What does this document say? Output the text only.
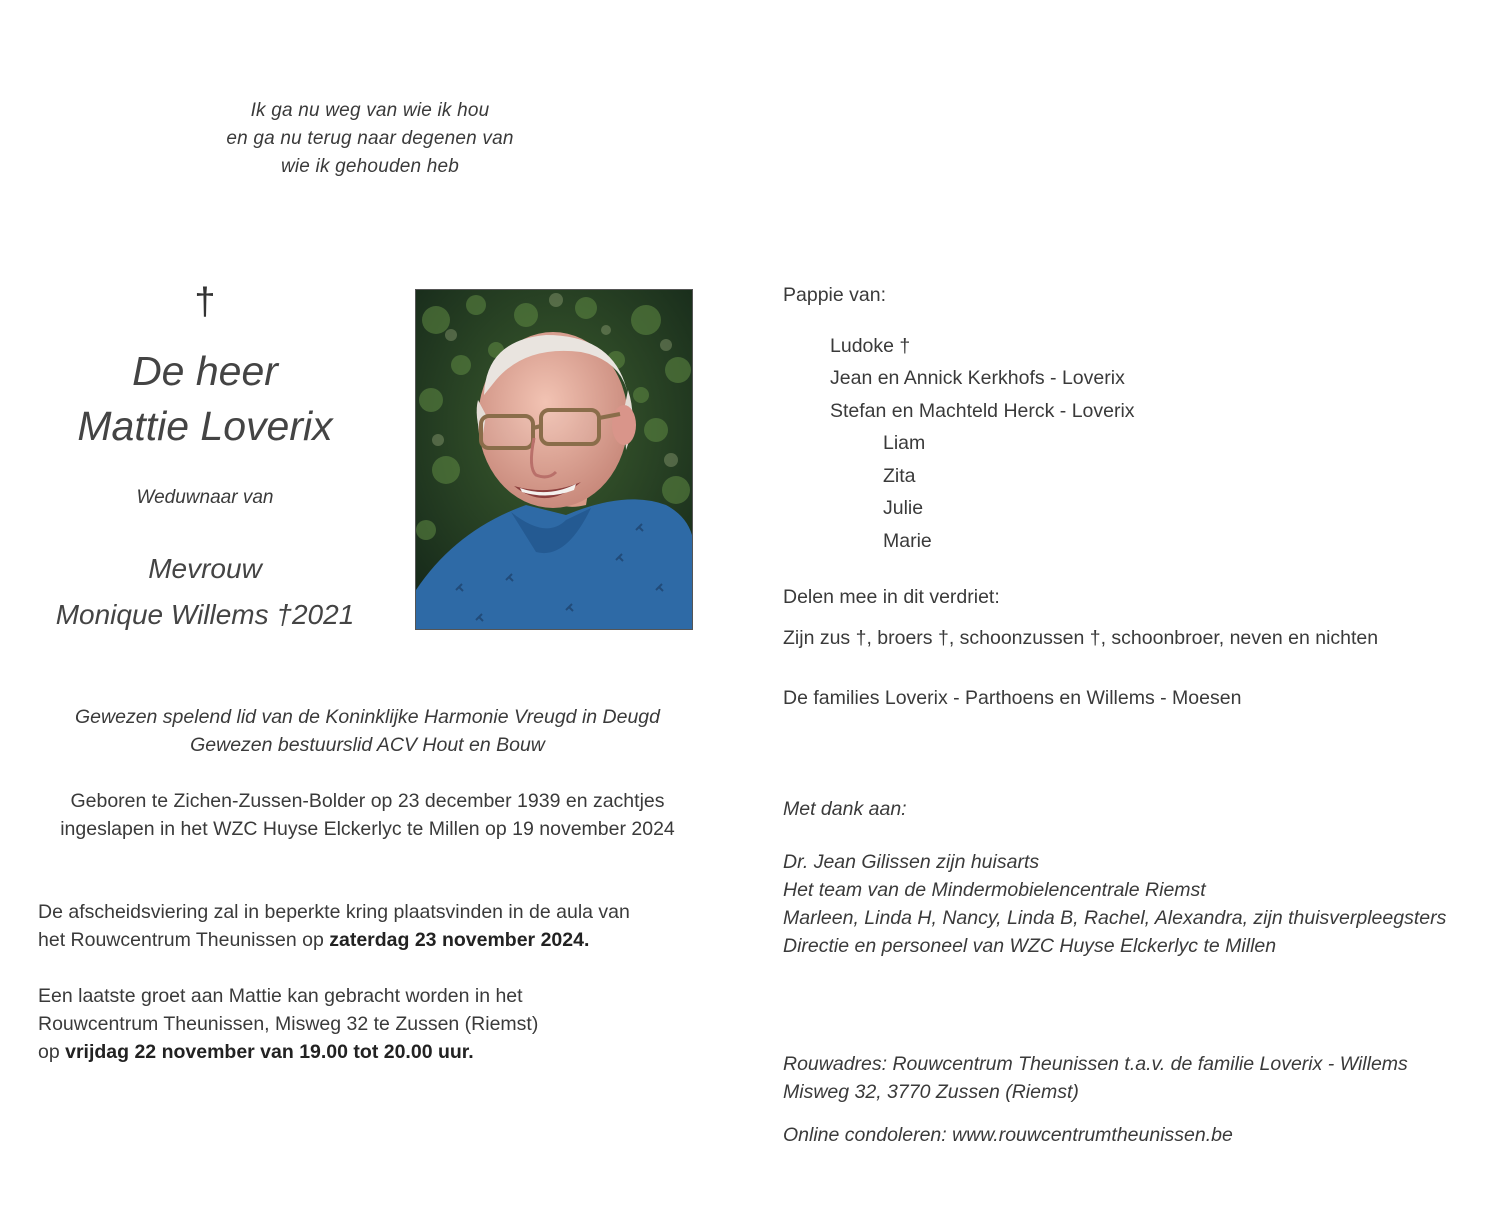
Ik ga nu weg van wie ik hou
en ga nu terug naar degenen van
wie ik gehouden heb
†
De heer
Mattie Loverix
Weduwnaar van
Mevrouw
Monique Willems †2021
Gewezen spelend lid van de Koninklijke Harmonie Vreugd in Deugd
Gewezen bestuurslid ACV Hout en Bouw
Geboren te Zichen-Zussen-Bolder op 23 december 1939 en zachtjes
ingeslapen in het WZC Huyse Elckerlyc te Millen op 19 november 2024
De afscheidsviering zal in beperkte kring plaatsvinden in de aula van
het Rouwcentrum Theunissen op zaterdag 23 november 2024.
Een laatste groet aan Mattie kan gebracht worden in het
Rouwcentrum Theunissen, Misweg 32 te Zussen (Riemst)
op vrijdag 22 november van 19.00 tot 20.00 uur.
Pappie van:
Ludoke †
Jean en Annick Kerkhofs - Loverix
Stefan en Machteld Herck - Loverix
Liam
Zita
Julie
Marie
Delen mee in dit verdriet:
Zijn zus †, broers †, schoonzussen †, schoonbroer, neven en nichten
De families Loverix - Parthoens en Willems - Moesen
Met dank aan:
Dr. Jean Gilissen zijn huisarts
Het team van de Mindermobielencentrale Riemst
Marleen, Linda H, Nancy, Linda B, Rachel, Alexandra, zijn thuisverpleegsters
Directie en personeel van WZC Huyse Elckerlyc te Millen
Rouwadres: Rouwcentrum Theunissen t.a.v. de familie Loverix - Willems
Misweg 32, 3770 Zussen (Riemst)
Online condoleren: www.rouwcentrumtheunissen.be
